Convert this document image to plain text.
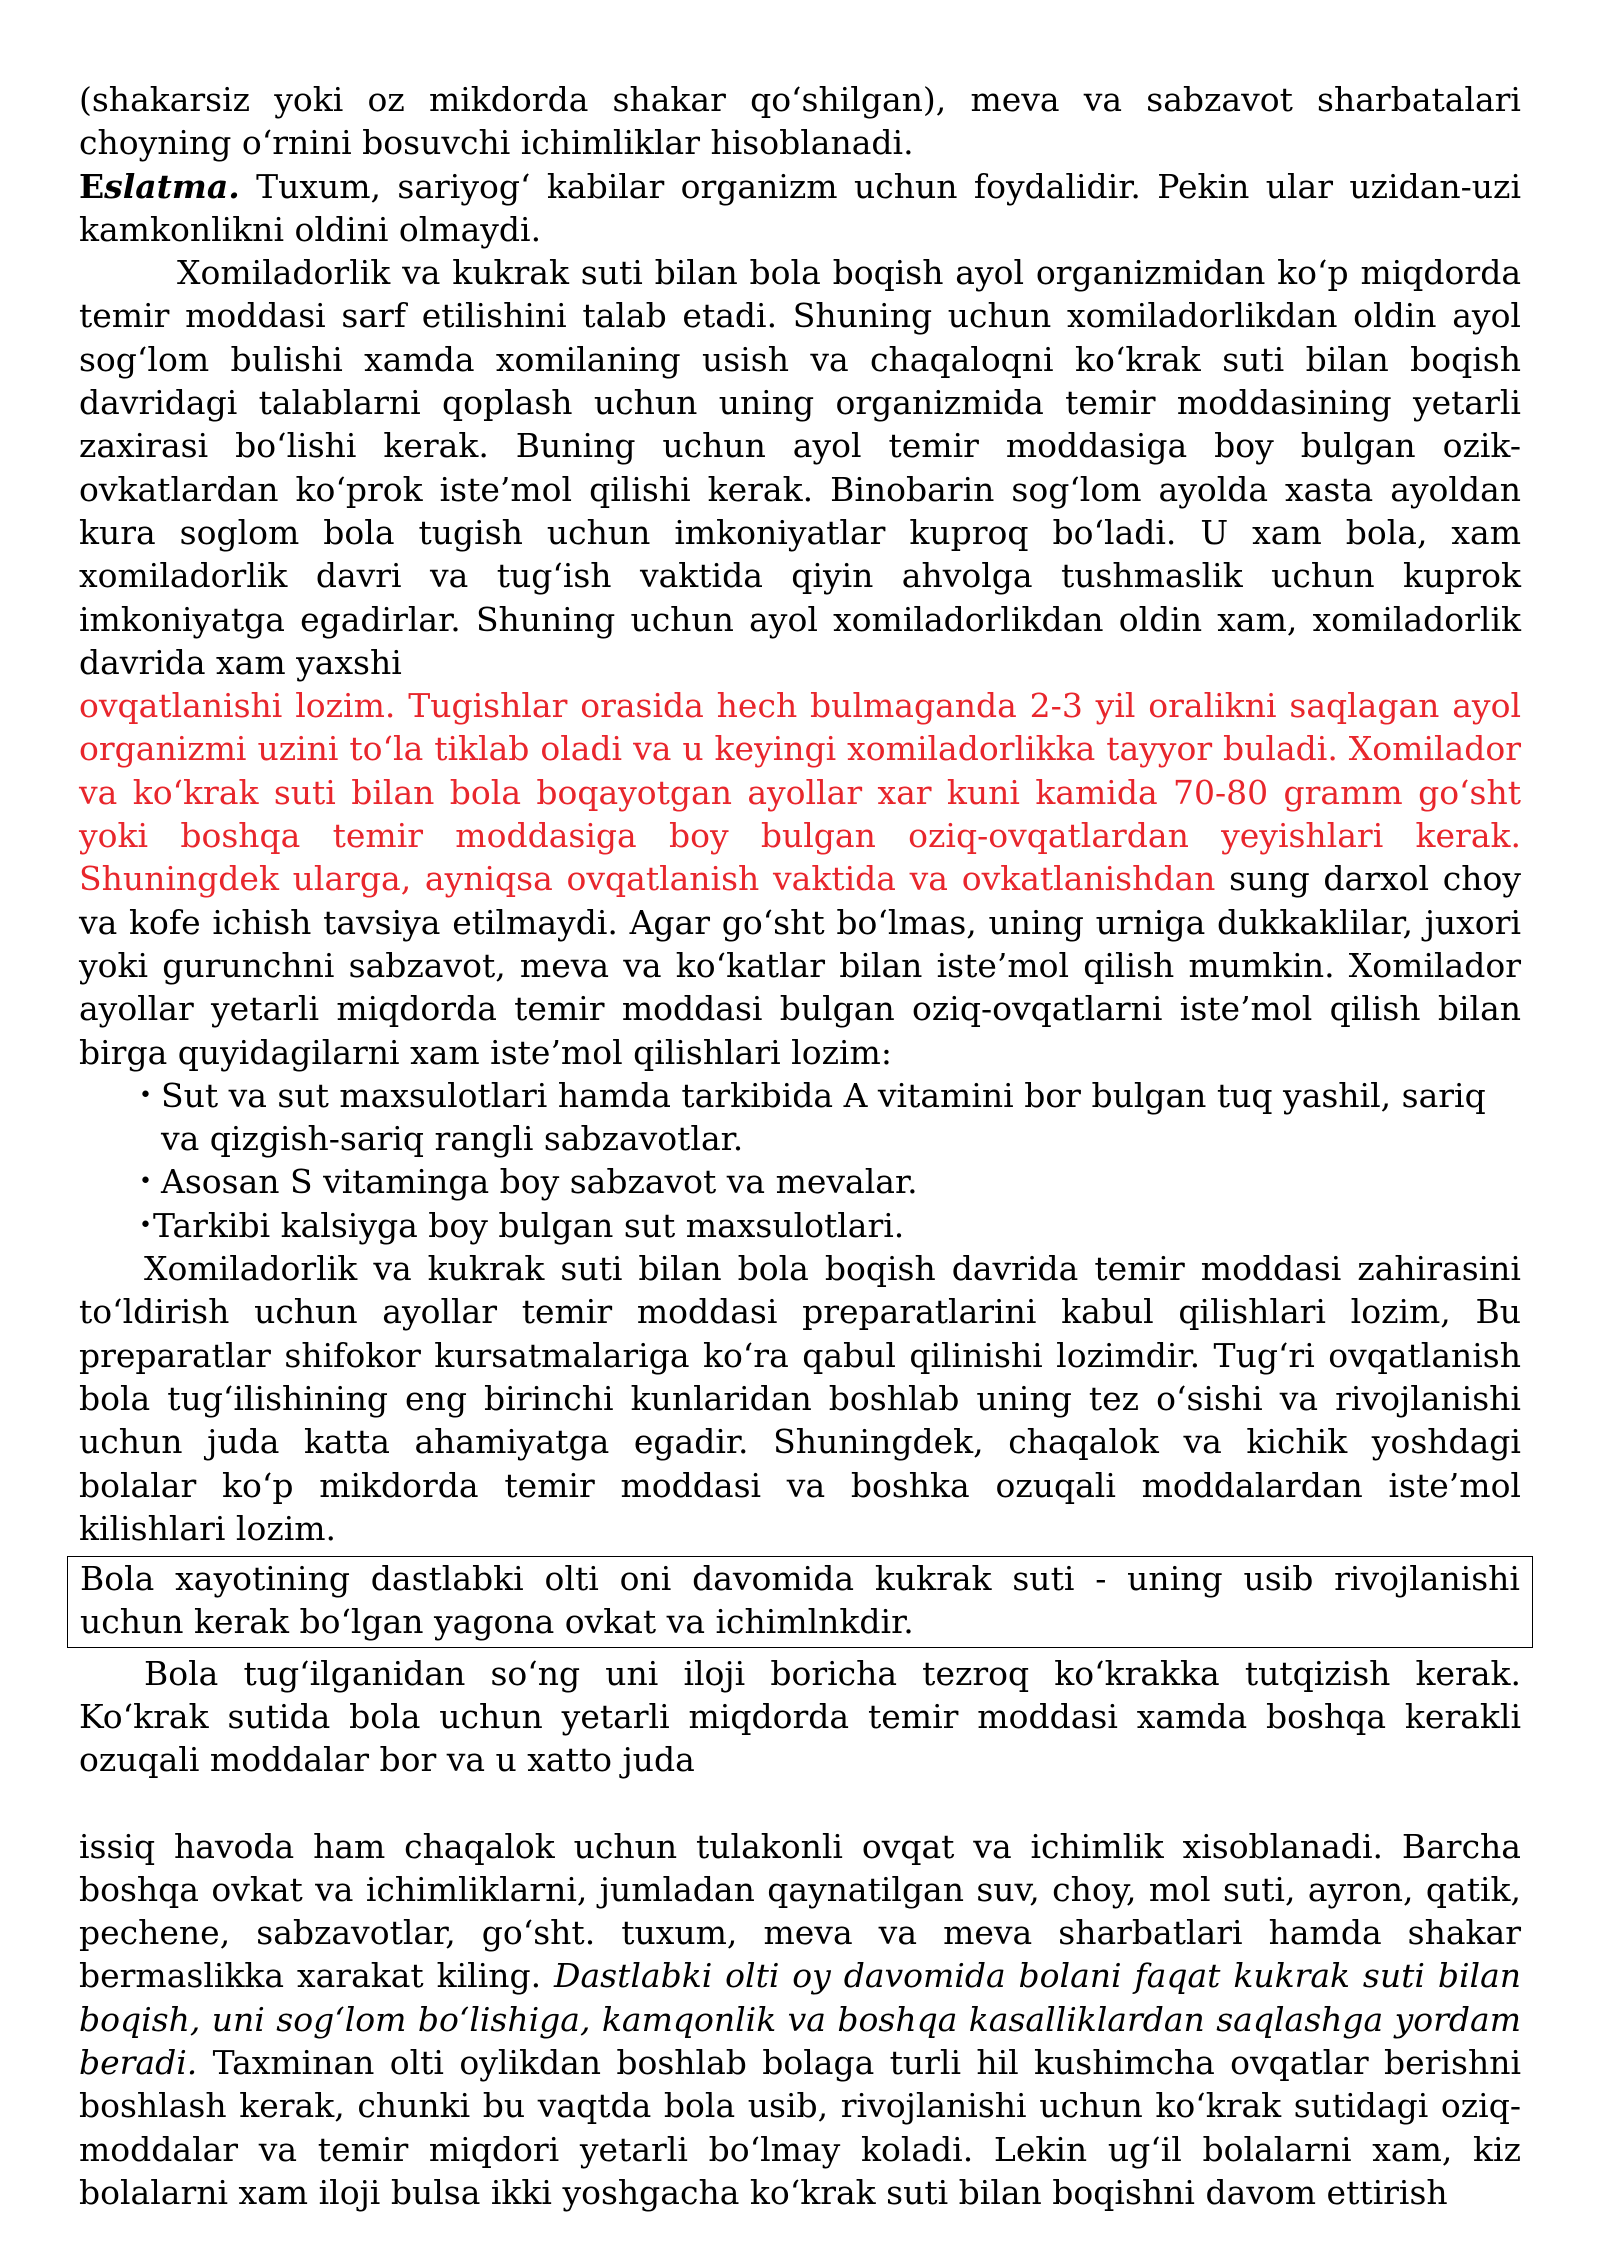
(shakarsiz yoki oz mikdorda shakar qo‘shilgan), meva va sabzavot sharbatalari choyning o‘rnini bosuvchi ichimliklar hisoblanadi.

Eslatma. Tuxum, sariyog‘ kabilar organizm uchun foydalidir. Pekin ular uzidan-uzi kamkonlikni oldini olmaydi.

Xomiladorlik va kukrak suti bilan bola boqish ayol organizmidan ko‘p miqdorda temir moddasi sarf etilishini talab etadi. Shuning uchun xomiladorlikdan oldin ayol sog‘lom bulishi xamda xomilaning usish va chaqaloqni ko‘krak suti bilan boqish davridagi talablarni qoplash uchun uning organizmida temir moddasining yetarli zaxirasi bo‘lishi kerak. Buning uchun ayol temir moddasiga boy bulgan ozik-ovkatlardan ko‘prok iste’mol qilishi kerak. Binobarin sog‘lom ayolda xasta ayoldan kura soglom bola tugish uchun imkoniyatlar kuproq bo‘ladi. U xam bola, xam xomiladorlik davri va tug‘ish vaktida qiyin ahvolga tushmaslik uchun kuprok imkoniyatga egadirlar. Shuning uchun ayol xomiladorlikdan oldin xam, xomiladorlik davrida xam yaxshi

ovqatlanishi lozim. Tugishlar orasida hech bulmaganda 2-3 yil oralikni saqlagan ayol organizmi uzini to‘la tiklab oladi va u keyingi xomiladorlikka tayyor buladi. Xomilador va ko‘krak suti bilan bola boqayotgan ayollar xar kuni kamida 70-80 gramm go‘sht yoki boshqa temir moddasiga boy bulgan oziq-ovqatlardan yeyishlari kerak. Shuningdek ularga, ayniqsa ovqatlanish vaktida va ovkatlanishdan sung darxol choy va kofe ichish tavsiya etilmaydi. Agar go‘sht bo‘lmas, uning urniga dukkaklilar, juxori yoki gurunchni sabzavot, meva va ko‘katlar bilan iste’mol qilish mumkin. Xomilador ayollar yetarli miqdorda temir moddasi bulgan oziq-ovqatlarni iste’mol qilish bilan birga quyidagilarni xam iste’mol qilishlari lozim:

• Sut va sut maxsulotlari hamda tarkibida A vitamini bor bulgan tuq yashil, sariq va qizgish-sariq rangli sabzavotlar.
• Asosan S vitaminga boy sabzavot va mevalar.
• Tarkibi kalsiyga boy bulgan sut maxsulotlari.

Xomiladorlik va kukrak suti bilan bola boqish davrida temir moddasi zahirasini to‘ldirish uchun ayollar temir moddasi preparatlarini kabul qilishlari lozim, Bu preparatlar shifokor kursatmalariga ko‘ra qabul qilinishi lozimdir. Tug‘ri ovqatlanish bola tug‘ilishining eng birinchi kunlaridan boshlab uning tez o‘sishi va rivojlanishi uchun juda katta ahamiyatga egadir. Shuningdek, chaqalok va kichik yoshdagi bolalar ko‘p mikdorda temir moddasi va boshka ozuqali moddalardan iste’mol kilishlari lozim.

Bola xayotining dastlabki olti oni davomida kukrak suti - uning usib rivojlanishi uchun kerak bo‘lgan yagona ovkat va ichimlnkdir.

Bola tug‘ilganidan so‘ng uni iloji boricha tezroq ko‘krakka tutqizish kerak. Ko‘krak sutida bola uchun yetarli miqdorda temir moddasi xamda boshqa kerakli ozuqali moddalar bor va u xatto juda

issiq havoda ham chaqalok uchun tulakonli ovqat va ichimlik xisoblanadi. Barcha boshqa ovkat va ichimliklarni, jumladan qaynatilgan suv, choy, mol suti, ayron, qatik, pechene, sabzavotlar, go‘sht. tuxum, meva va meva sharbatlari hamda shakar bermaslikka xarakat kiling. Dastlabki olti oy davomida bolani faqat kukrak suti bilan boqish, uni sog‘lom bo‘lishiga, kamqonlik va boshqa kasalliklardan saqlashga yordam beradi. Taxminan olti oylikdan boshlab bolaga turli hil kushimcha ovqatlar berishni boshlash kerak, chunki bu vaqtda bola usib, rivojlanishi uchun ko‘krak sutidagi oziq-moddalar va temir miqdori yetarli bo‘lmay koladi. Lekin ug‘il bolalarni xam, kiz bolalarni xam iloji bulsa ikki yoshgacha ko‘krak suti bilan boqishni davom ettirish
